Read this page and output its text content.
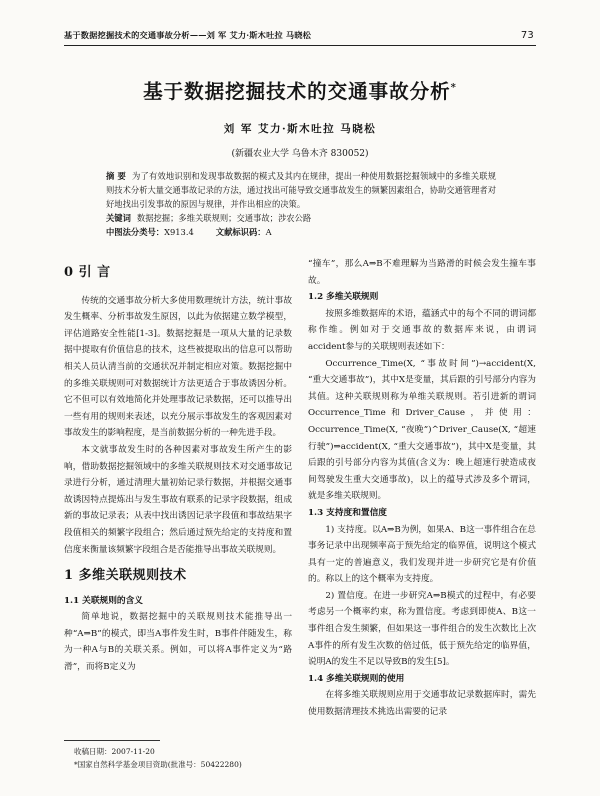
基于数据挖掘技术的交通事故分析——刘 军 艾力·斯木吐拉 马晓松	73
基于数据挖掘技术的交通事故分析*
刘 军 艾力·斯木吐拉 马晓松
(新疆农业大学 乌鲁木齐 830052)
摘 要 为了有效地识别和发现事故数据的模式及其内在规律，提出一种使用数据挖掘领域中的多维关联规则技术分析大量交通事故记录的方法，通过找出可能导致交通事故发生的频繁因素组合，协助交通管理者对好地找出引发事故的原因与规律，并作出相应的决策。
关键词 数据挖掘；多维关联规则；交通事故；涉农公路
中图法分类号：X913.4	文献标识码：A
0 引 言

传统的交通事故分析大多使用数理统计方法，统计事故发生概率、分析事故发生原因，以此为依据建立数学模型，评估道路安全性能[1-3]。数据挖掘是一项从大量的记录数据中提取有价值信息的技术，这些被提取出的信息可以帮助相关人员认清当前的交通状况并制定相应对策。数据挖掘中的多维关联规则可对数据统计方法更适合于事故诱因分析。它不但可以有效地简化并处理事故记录数据，还可以推导出一些有用的规则来表述，以充分展示事故发生的客观因素对事故发生的影响程度，是当前数据分析的一种先进手段。

本文就事故发生时的各种因素对事故发生所产生的影响，借助数据挖掘领域中的多维关联规则技术对交通事故记录进行分析，通过清理大量初始记录行数据，并根据交通事故诱因特点提炼出与发生事故有联系的记录字段数据，组成新的事故记录表；从表中找出诱因记录字段值和事故结果字段值相关的频繁字段组合；然后通过预先给定的支持度和置信度来衡量该频繁字段组合是否能推导出事故关联规则。

1 多维关联规则技术
1.1 关联规则的含义

简单地说，数据挖掘中的关联规则技术能推导出一种“A⇒B”的模式，即当A事件发生时，B事件伴随发生，称为一种A与B的关联关系。例如，可以将A事件定义为“路滑”，而将B定义为

“撞车”，那么A⇒B不难理解为当路滑的时候会发生撞车事故。

1.2 多维关联规则

按照多维数据库的术语，蕴涵式中的每个不同的谓词都称作维。例如对于交通事故的数据库来说，由谓词accident参与的关联规则表述如下：

Occurrence_Time(X, “事故时间”)→accident(X, “重大交通事故”)，其中X是变量，其后跟的引号部分内容为其值。这种关联规则称为单维关联规则。若引进新的谓词Occurrence_Time和Driver_Cause，并使用：Occurrence_Time(X, “夜晚”)^Driver_Cause(X, “超速行驶”)⇒accident(X, “重大交通事故”)，其中X是变量，其后跟的引号部分内容为其值(含义为：晚上超速行驶造成夜间驾驶发生重大交通事故)，以上的蕴导式涉及多个谓词，就是多维关联规则。

1.3 支持度和置信度

1) 支持度。以A⇒B为例，如果A、B这一事件组合在总事务记录中出现频率高于预先给定的临界值，说明这个模式具有一定的普遍意义，我们发现并进一步研究它是有价值的。称以上的这个概率为支持度。

2) 置信度。在进一步研究A⇒B模式的过程中，有必要考虑另一个概率约束，称为置信度。考虑到即使A、B这一事件组合发生频繁，但如果这一事件组合的发生次数比上次A事件的所有发生次数的倍过低，低于预先给定的临界值，说明A的发生不足以导致B的发生[5]。

1.4 多维关联规则的使用

在将多维关联规则应用于交通事故记录数据库时，需先使用数据清理技术挑选出需要的记录

收稿日期：2007-11-20
*国家自然科学基金项目资助(批准号：50422280)
